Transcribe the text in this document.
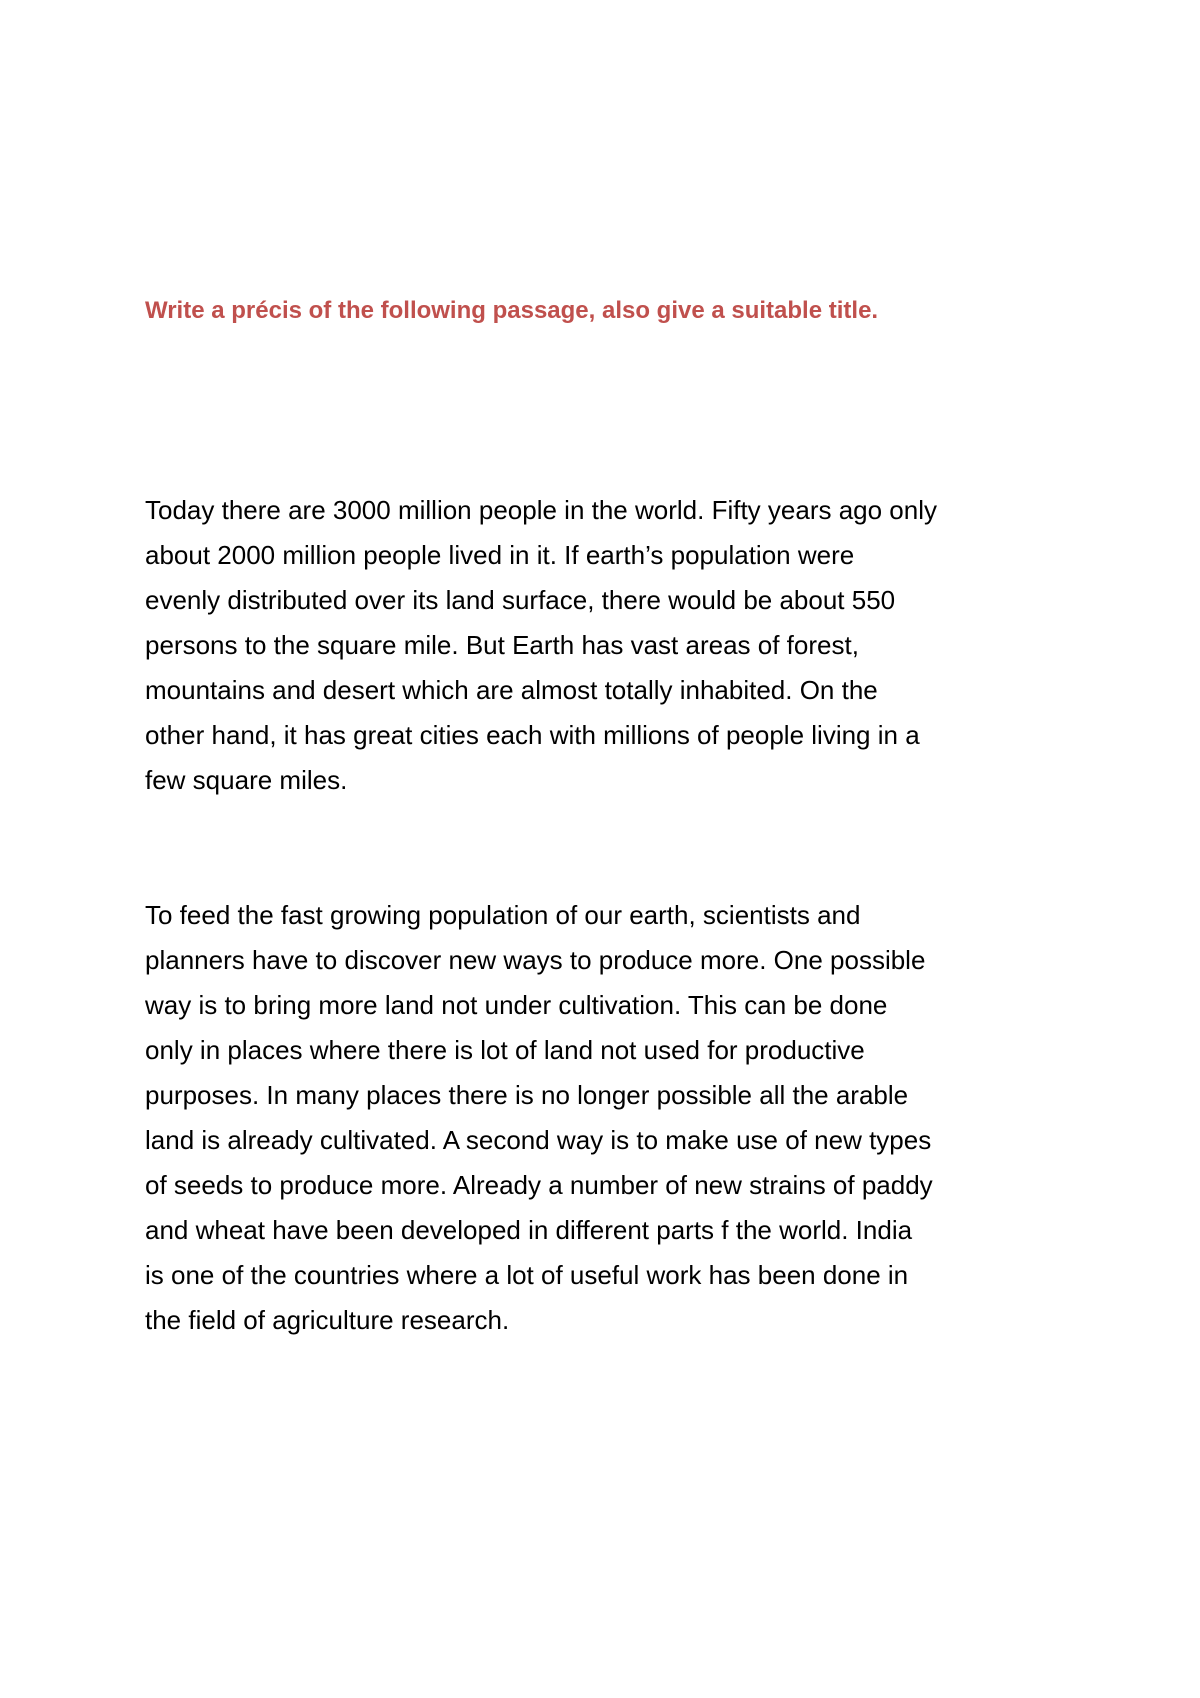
Write a précis of the following passage, also give a suitable title.

Today there are 3000 million people in the world. Fifty years ago only
about 2000 million people lived in it. If earth’s population were
evenly distributed over its land surface, there would be about 550
persons to the square mile. But Earth has vast areas of forest,
mountains and desert which are almost totally inhabited. On the
other hand, it has great cities each with millions of people living in a
few square miles.

To feed the fast growing population of our earth, scientists and
planners have to discover new ways to produce more. One possible
way is to bring more land not under cultivation. This can be done
only in places where there is lot of land not used for productive
purposes. In many places there is no longer possible all the arable
land is already cultivated. A second way is to make use of new types
of seeds to produce more. Already a number of new strains of paddy
and wheat have been developed in different parts f the world. India
is one of the countries where a lot of useful work has been done in
the field of agriculture research.
